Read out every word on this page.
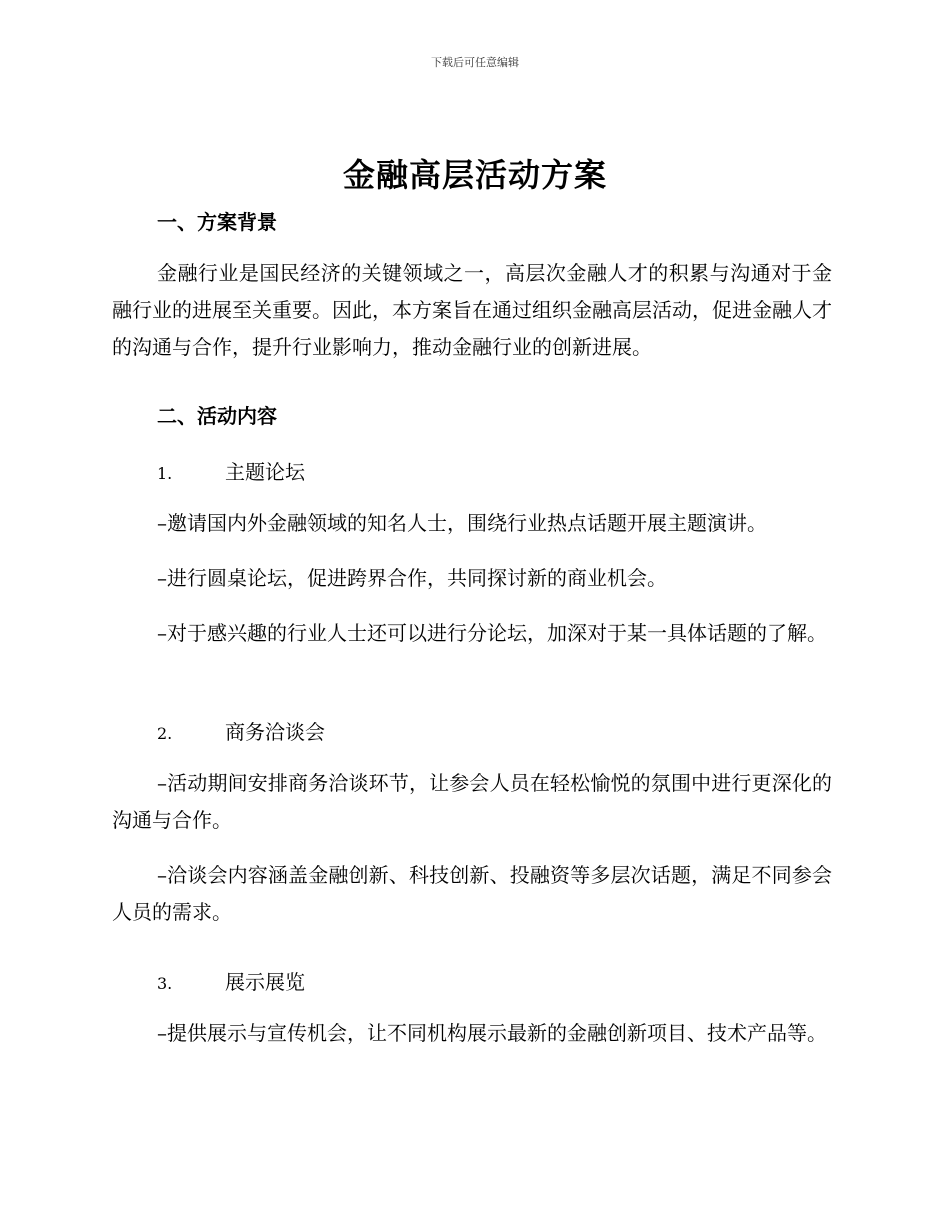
下载后可任意编辑
金融高层活动方案
一、方案背景
金融行业是国民经济的关键领域之一，高层次金融人才的积累与沟通对于金融行业的进展至关重要。因此，本方案旨在通过组织金融高层活动，促进金融人才的沟通与合作，提升行业影响力，推动金融行业的创新进展。
二、活动内容
1.	主题论坛
–邀请国内外金融领域的知名人士，围绕行业热点话题开展主题演讲。
–进行圆桌论坛，促进跨界合作，共同探讨新的商业机会。
–对于感兴趣的行业人士还可以进行分论坛，加深对于某一具体话题的了解。
2.	商务洽谈会
–活动期间安排商务洽谈环节，让参会人员在轻松愉悦的氛围中进行更深化的沟通与合作。
–洽谈会内容涵盖金融创新、科技创新、投融资等多层次话题，满足不同参会人员的需求。
3.	展示展览
–提供展示与宣传机会，让不同机构展示最新的金融创新项目、技术产品等。
